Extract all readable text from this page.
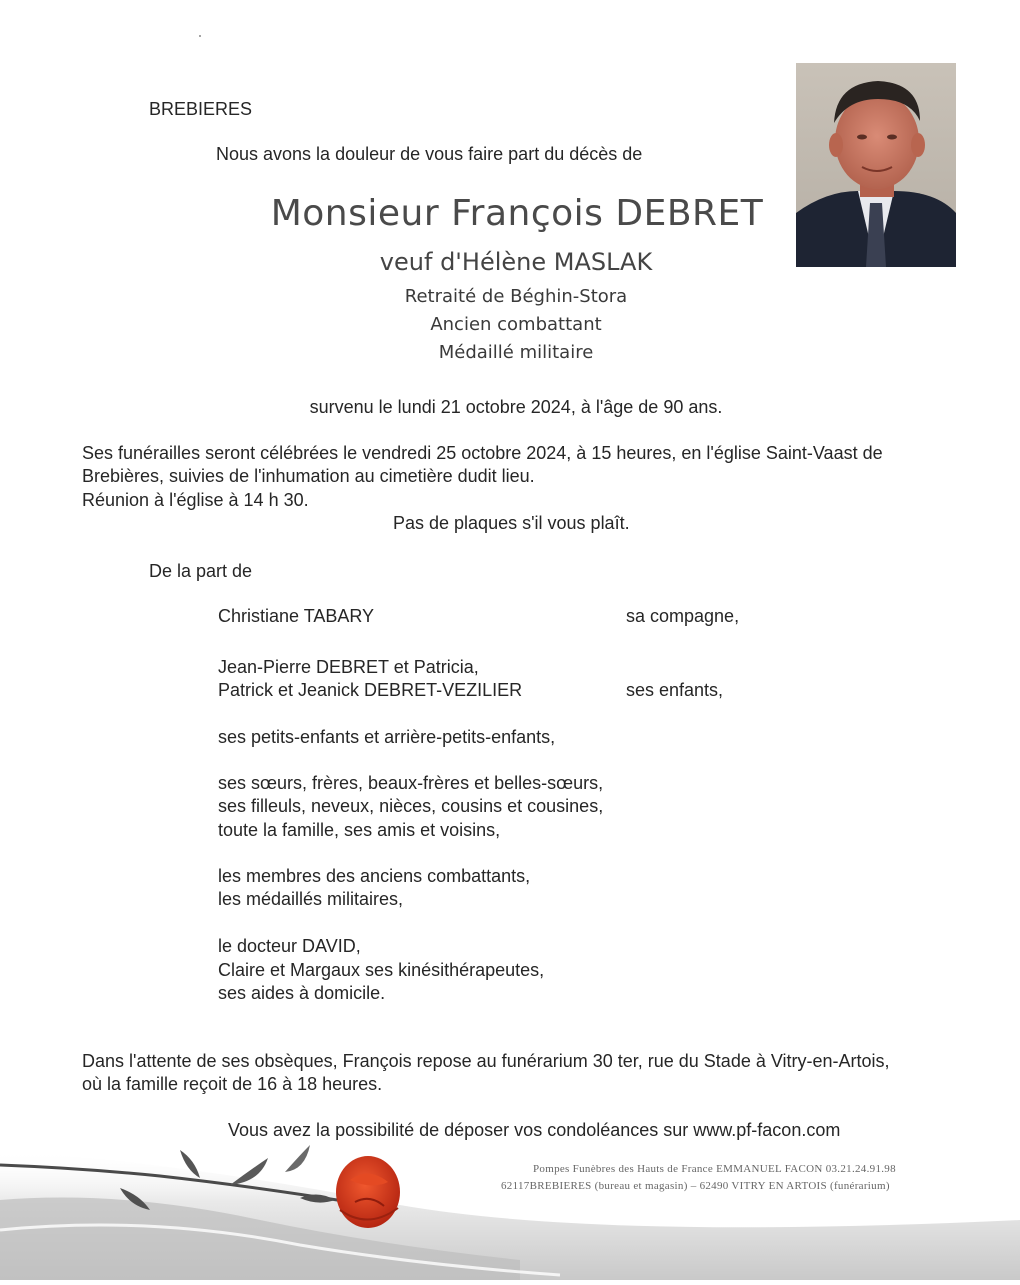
BREBIERES
Nous avons la douleur de vous faire part du décès de
Monsieur François DEBRET
veuf d'Hélène MASLAK
Retraité de Béghin-Stora
Ancien combattant
Médaillé militaire
survenu le lundi 21 octobre 2024, à l'âge de 90 ans.
Ses funérailles seront célébrées le vendredi 25 octobre 2024, à 15 heures, en l'église Saint-Vaast de
Brebières, suivies de l'inhumation au cimetière dudit lieu.
Réunion à l'église à 14 h 30.
Pas de plaques s'il vous plaît.
De la part de
Christiane TABARY	sa compagne,
Jean-Pierre DEBRET et Patricia,
Patrick et Jeanick DEBRET-VEZILIER	ses enfants,
ses petits-enfants et arrière-petits-enfants,
ses sœurs, frères, beaux-frères et belles-sœurs,
ses filleuls, neveux, nièces, cousins et cousines,
toute la famille, ses amis et voisins,
les membres des anciens combattants,
les médaillés militaires,
le docteur DAVID,
Claire et Margaux ses kinésithérapeutes,
ses aides à domicile.
Dans l'attente de ses obsèques, François repose au funérarium 30 ter, rue du Stade à Vitry-en-Artois,
où la famille reçoit de 16 à 18 heures.
Vous avez la possibilité de déposer vos condoléances sur www.pf-facon.com
Pompes Funèbres des Hauts de France EMMANUEL FACON 03.21.24.91.98
62117BREBIERES (bureau et magasin) – 62490 VITRY EN ARTOIS (funérarium)
